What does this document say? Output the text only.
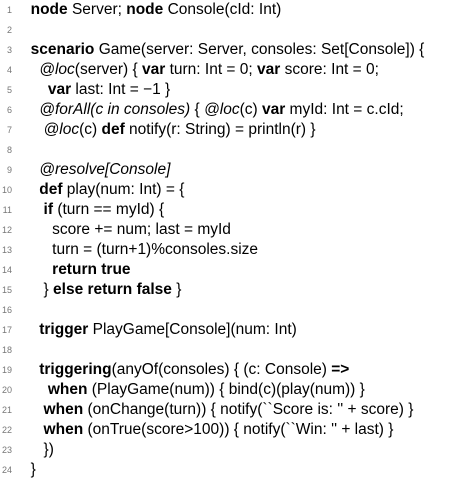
1	node Server; node Console(cId: Int)
2
3	scenario Game(server: Server, consoles: Set[Console]) {
4	@loc(server) { var turn: Int = 0; var score: Int = 0;
5	var last: Int = −1 }
6	@forAll(c in consoles) { @loc(c) var myId: Int = c.cId;
7	@loc(c) def notify(r: String) = println(r) }
8
9	@resolve[Console]
10	def play(num: Int) = {
11	if (turn == myId) {
12 score += num; last = myId
13 turn = (turn+1)%consoles.size
14	return true
15 } else return false }
16
17	trigger PlayGame[Console](num: Int)
18
19	triggering(anyOf(consoles) { (c: Console) =>
20	when (PlayGame(num)) { bind(c)(play(num)) }
21	when (onChange(turn)) { notify(``Score is: '' + score) }
22	when (onTrue(score>100)) { notify(``Win: '' + last) }
23 })
24 }
